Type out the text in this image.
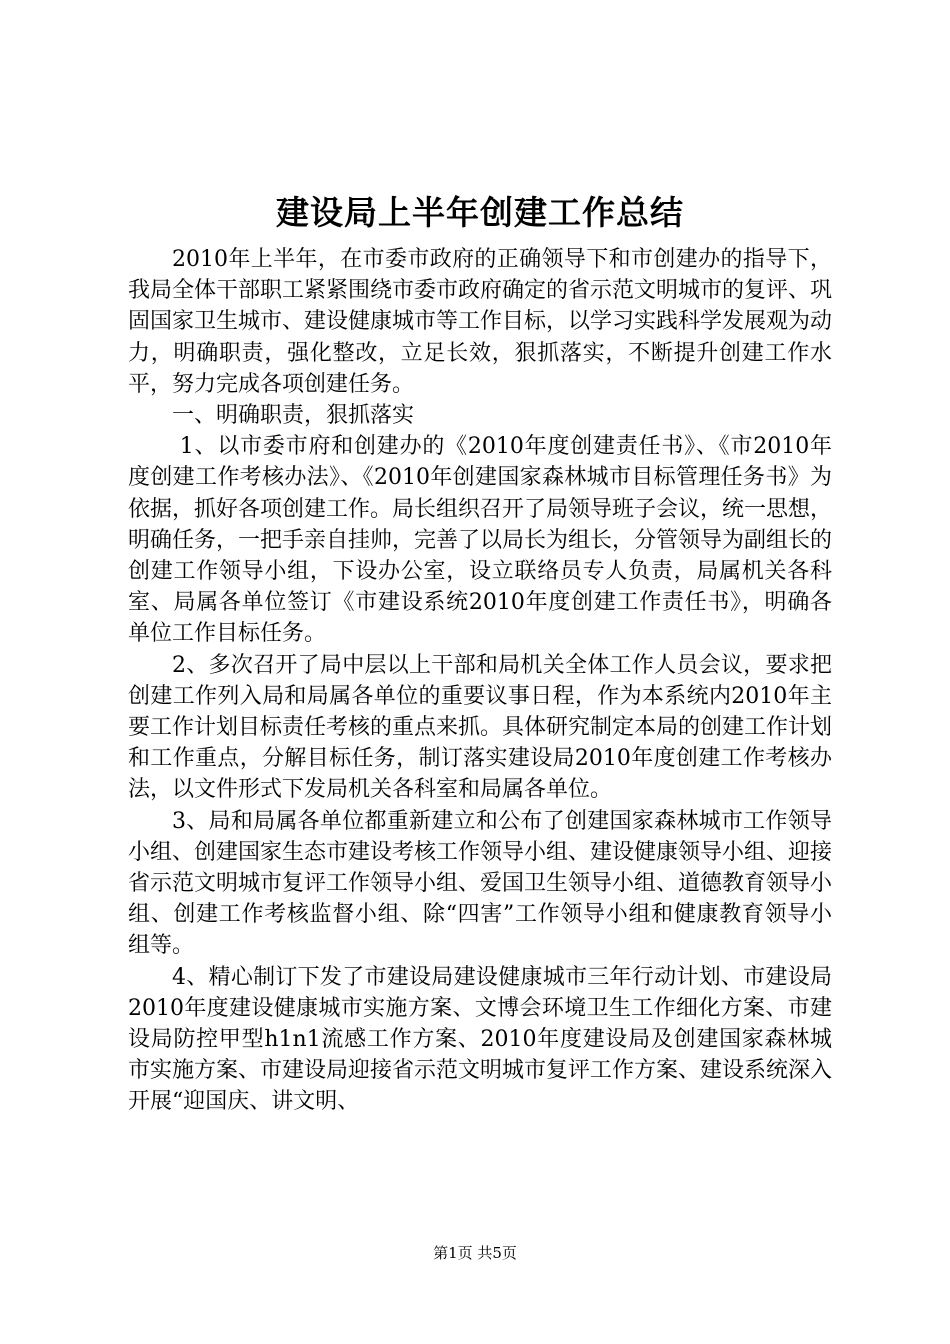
建设局上半年创建工作总结

2010年上半年，在市委市政府的正确领导下和市创建办的指导下，我局全体干部职工紧紧围绕市委市政府确定的省示范文明城市的复评、巩固国家卫生城市、建设健康城市等工作目标，以学习实践科学发展观为动力，明确职责，强化整改，立足长效，狠抓落实，不断提升创建工作水平，努力完成各项创建任务。

一、明确职责，狠抓落实

1、以市委市府和创建办的《2010年度创建责任书》、《市2010年度创建工作考核办法》、《2010年创建国家森林城市目标管理任务书》为依据，抓好各项创建工作。局长组织召开了局领导班子会议，统一思想，明确任务，一把手亲自挂帅，完善了以局长为组长，分管领导为副组长的创建工作领导小组，下设办公室，设立联络员专人负责，局属机关各科室、局属各单位签订《市建设系统2010年度创建工作责任书》，明确各单位工作目标任务。

2、多次召开了局中层以上干部和局机关全体工作人员会议，要求把创建工作列入局和局属各单位的重要议事日程，作为本系统内2010年主要工作计划目标责任考核的重点来抓。具体研究制定本局的创建工作计划和工作重点，分解目标任务，制订落实建设局2010年度创建工作考核办法，以文件形式下发局机关各科室和局属各单位。

3、局和局属各单位都重新建立和公布了创建国家森林城市工作领导小组、创建国家生态市建设考核工作领导小组、建设健康领导小组、迎接省示范文明城市复评工作领导小组、爱国卫生领导小组、道德教育领导小组、创建工作考核监督小组、除“四害”工作领导小组和健康教育领导小组等。

4、精心制订下发了市建设局建设健康城市三年行动计划、市建设局2010年度建设健康城市实施方案、文博会环境卫生工作细化方案、市建设局防控甲型h1n1流感工作方案、2010年度建设局及创建国家森林城市实施方案、市建设局迎接省示范文明城市复评工作方案、建设系统深入开展“迎国庆、讲文明、

第1页 共5页
